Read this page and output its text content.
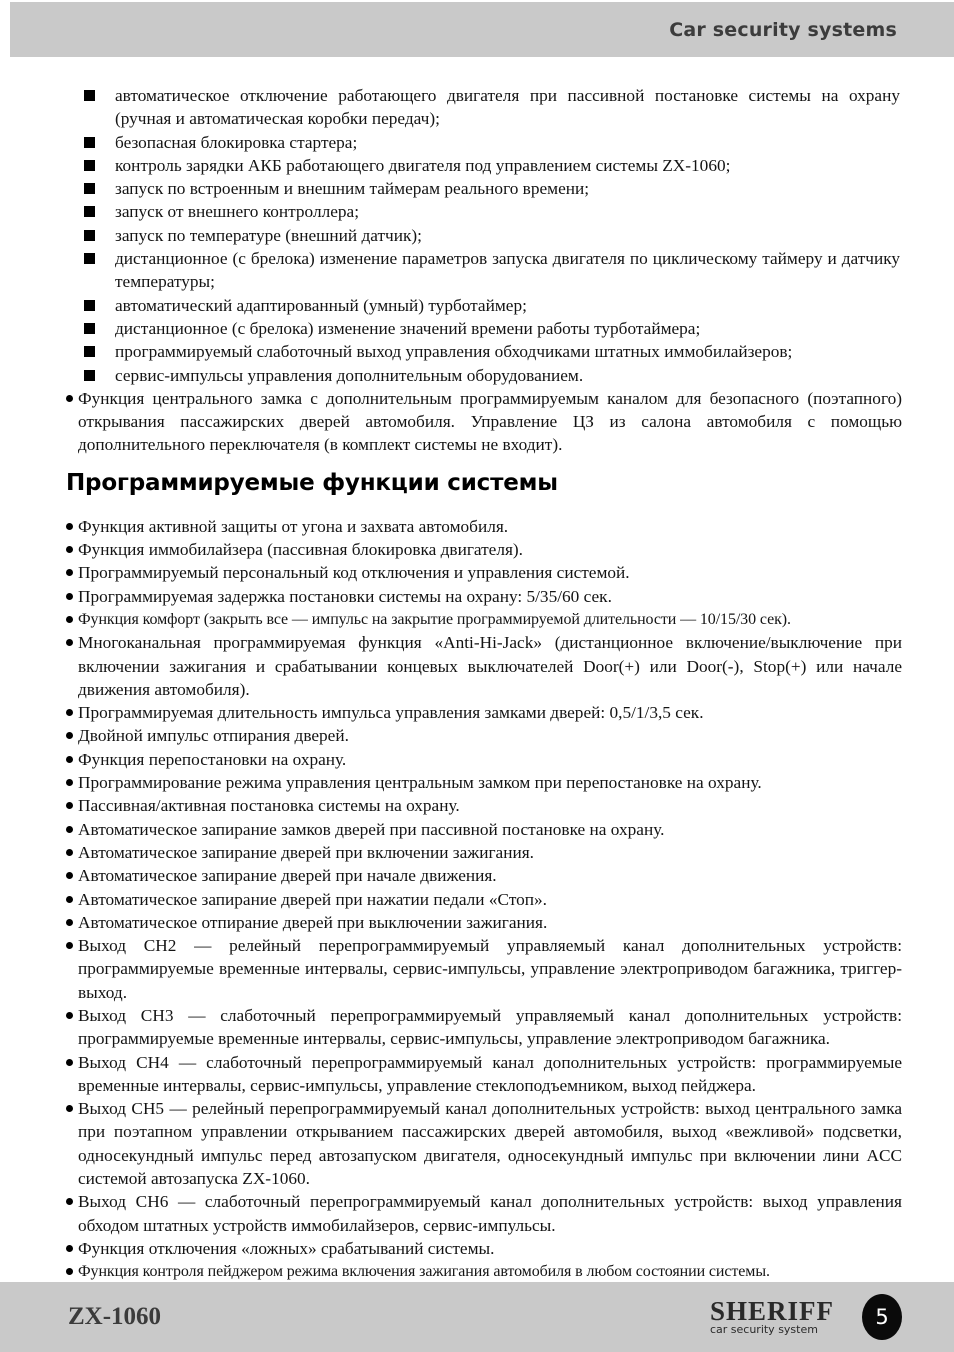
Car security systems
автоматическое отключение работающего двигателя при пассивной постановке системы на охрану (ручная и автоматическая коробки передач);
безопасная блокировка стартера;
контроль зарядки АКБ работающего двигателя под управлением системы ZX-1060;
запуск по встроенным и внешним таймерам реального времени;
запуск от внешнего контроллера;
запуск по температуре (внешний датчик);
дистанционное (с брелока) изменение параметров запуска двигателя по циклическому таймеру и датчику температуры;
автоматический адаптированный (умный) турботаймер;
дистанционное (с брелока) изменение значений времени работы турботаймера;
программируемый слаботочный выход управления обходчиками штатных иммобилайзеров;
сервис-импульсы управления дополнительным оборудованием.
Функция центрального замка с дополнительным программируемым каналом для безопасного (поэтапного) открывания пассажирских дверей автомобиля. Управление ЦЗ из салона автомобиля с помощью дополнительного переключателя (в комплект системы не входит).
Программируемые функции системы
Функция активной защиты от угона и захвата автомобиля.
Функция иммобилайзера (пассивная блокировка двигателя).
Программируемый персональный код отключения и управления системой.
Программируемая задержка постановки системы на охрану: 5/35/60 сек.
Функция комфорт (закрыть все — импульс на закрытие программируемой длительности — 10/15/30 сек).
Многоканальная программируемая функция «Anti-Hi-Jack» (дистанционное включение/выключение при включении зажигания и срабатывании концевых выключателей Door(+) или Door(-), Stop(+) или начале движения автомобиля).
Программируемая длительность импульса управления замками дверей: 0,5/1/3,5 сек.
Двойной импульс отпирания дверей.
Функция перепостановки на охрану.
Программирование режима управления центральным замком при перепостановке на охрану.
Пассивная/активная постановка системы на охрану.
Автоматическое запирание замков дверей при пассивной постановке на охрану.
Автоматическое запирание дверей при включении зажигания.
Автоматическое запирание дверей при начале движения.
Автоматическое запирание дверей при нажатии педали «Стоп».
Автоматическое отпирание дверей при выключении зажигания.
Выход CH2 — релейный перепрограммируемый управляемый канал дополнительных устройств: программируемые временные интервалы, сервис-импульсы, управление электроприводом багажника, триггер-выход.
Выход CH3 — слаботочный перепрограммируемый управляемый канал дополнительных устройств: программируемые временные интервалы, сервис-импульсы, управление электроприводом багажника.
Выход CH4 — слаботочный перепрограммируемый канал дополнительных устройств: программируемые временные интервалы, сервис-импульсы, управление стеклоподъемником, выход пейджера.
Выход CH5 — релейный перепрограммируемый канал дополнительных устройств: выход центрального замка при поэтапном управлении открыванием пассажирских дверей автомобиля, выход «вежливой» подсветки, односекундный импульс перед автозапуском двигателя, односекундный импульс при включении лини ACC системой автозапуска ZX-1060.
Выход CH6 — слаботочный перепрограммируемый канал дополнительных устройств: выход управления обходом штатных устройств иммобилайзеров, сервис-импульсы.
Функция отключения «ложных» срабатываний системы.
Функция контроля пейджером режима включения зажигания автомобиля в любом состоянии системы.
ZX-1060	SHERIFF
car security system	5
